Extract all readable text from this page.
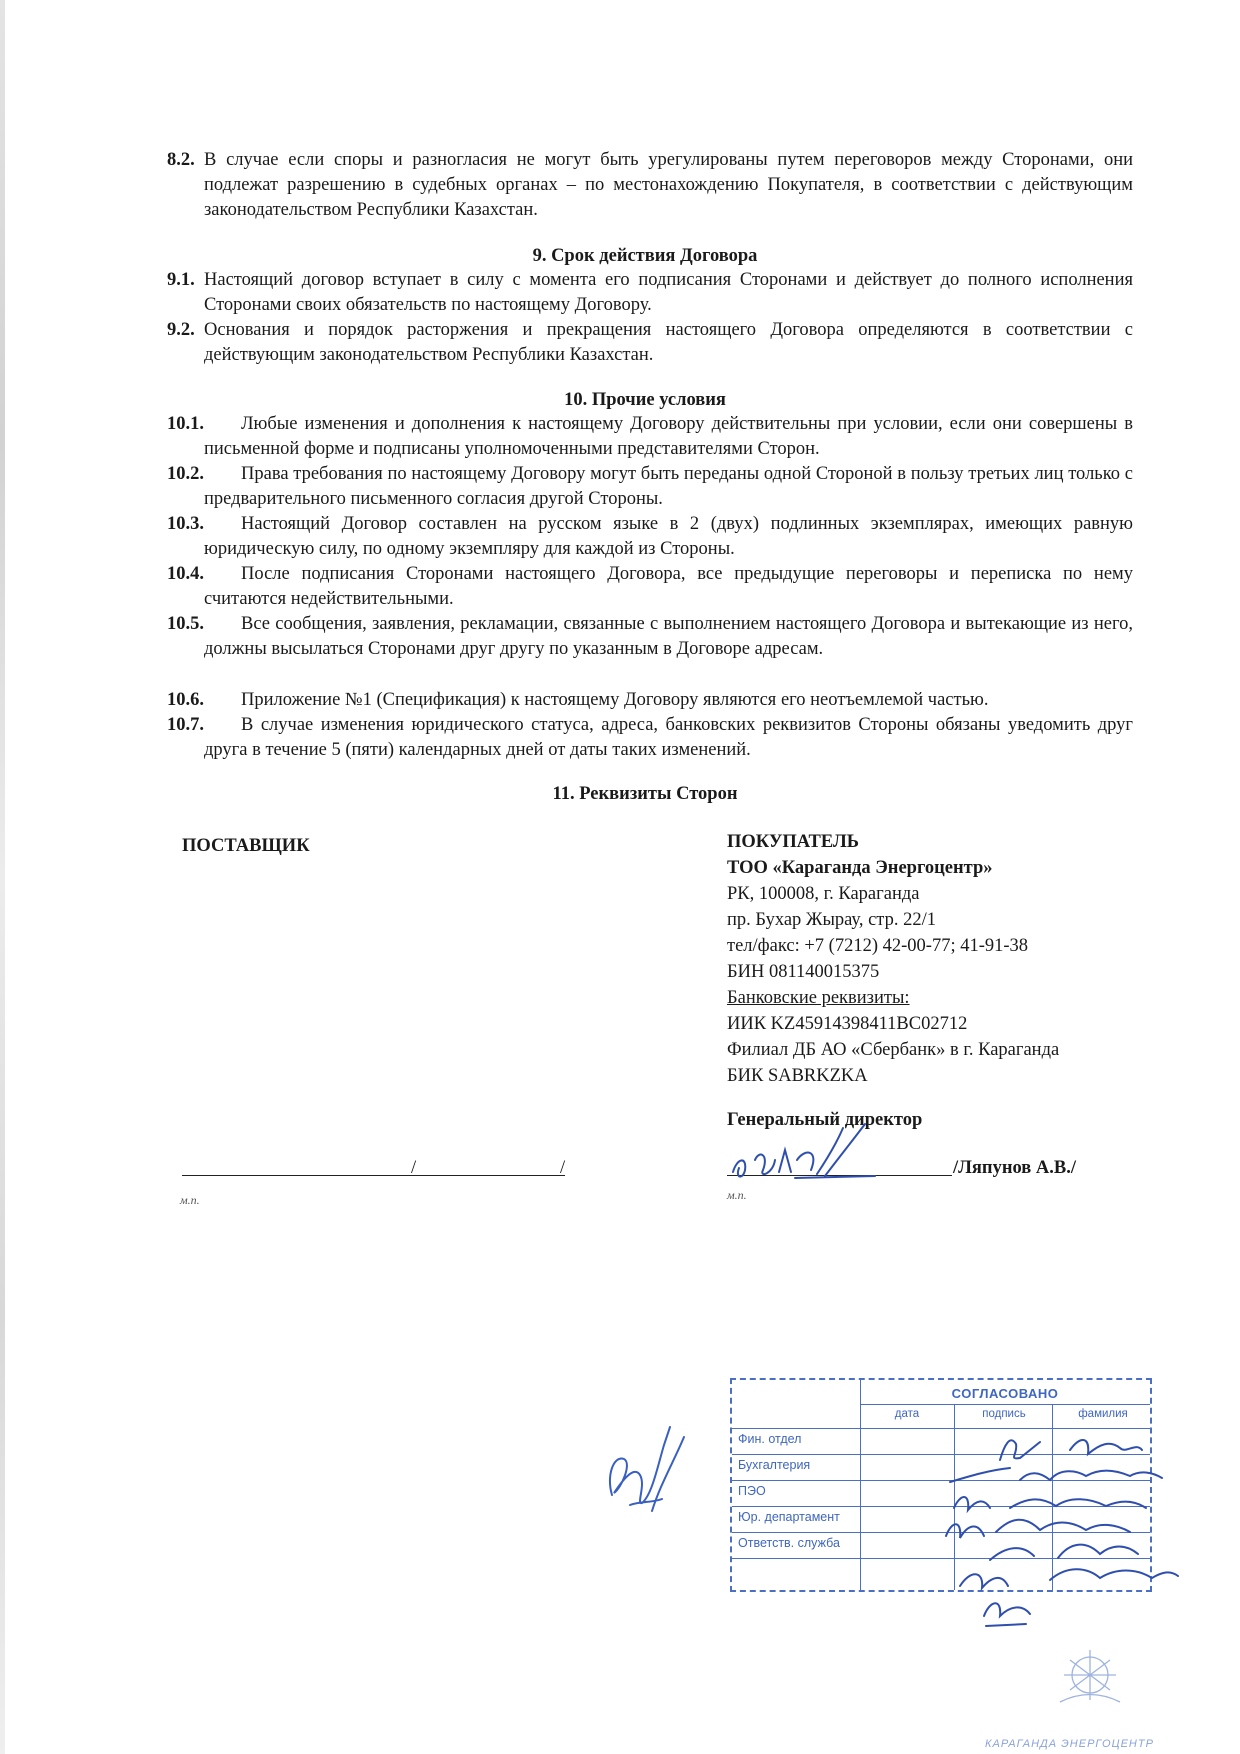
8.2. В случае если споры и разногласия не могут быть урегулированы путем переговоров между Сторонами, они подлежат разрешению в судебных органах – по местонахождению Покупателя, в соответствии с действующим законодательством Республики Казахстан.
9. Срок действия Договора
9.1. Настоящий договор вступает в силу с момента его подписания Сторонами и действует до полного исполнения Сторонами своих обязательств по настоящему Договору.
9.2. Основания и порядок расторжения и прекращения настоящего Договора определяются в соответствии с действующим законодательством Республики Казахстан.
10. Прочие условия
10.1.	Любые изменения и дополнения к настоящему Договору действительны при условии, если они совершены в письменной форме и подписаны уполномоченными представителями Сторон.
10.2.	Права требования по настоящему Договору могут быть переданы одной Стороной в пользу третьих лиц только с предварительного письменного согласия другой Стороны.
10.3.	Настоящий Договор составлен на русском языке в 2 (двух) подлинных экземплярах, имеющих равную юридическую силу, по одному экземпляру для каждой из Стороны.
10.4.	После подписания Сторонами настоящего Договора, все предыдущие переговоры и переписка по нему считаются недействительными.
10.5.	Все сообщения, заявления, рекламации, связанные с выполнением настоящего Договора и вытекающие из него, должны высылаться Сторонами друг другу по указанным в Договоре адресам.
10.6.	Приложение №1 (Спецификация) к настоящему Договору являются его неотъемлемой частью.
10.7.	В случае изменения юридического статуса, адреса, банковских реквизитов Стороны обязаны уведомить друг друга в течение 5 (пяти) календарных дней от даты таких изменений.
11. Реквизиты Сторон
ПОСТАВЩИК
/	/
м.п.
ПОКУПАТЕЛЬ
ТОО «Караганда Энергоцентр»
РК, 100008, г. Караганда
пр. Бухар Жырау, стр. 22/1
тел/факс: +7 (7212) 42-00-77; 41-91-38
БИН 081140015375
Банковские реквизиты:
ИИК KZ45914398411BC02712
Филиал ДБ АО «Сбербанк» в г. Караганда
БИК SABRKZKA
Генеральный директор
/Ляпунов А.В./
м.п.
СОГЛАСОВАНО
дата	подпись	фамилия
Фин. отдел
Бухгалтерия
ПЭО
Юр. департамент
Ответств. служба
КАРАГАНДА ЭНЕРГОЦЕНТР
